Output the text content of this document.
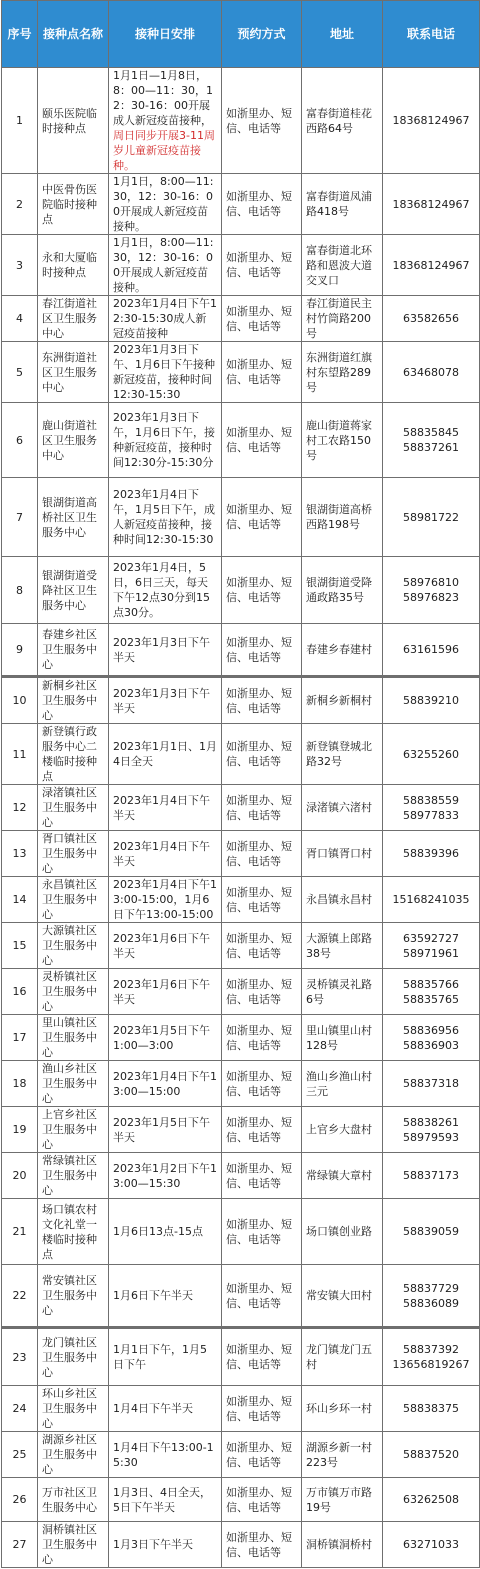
序号	接种点名称	接种日安排	预约方式	地址	联系电话
1	颐乐医院临时接种点	1月1日—1月8日，8：00—11：30，12：30-16：00开展成人新冠疫苗接种，周日同步开展3-11周岁儿童新冠疫苗接种。	如浙里办、短信、电话等	富春街道桂花西路64号	18368124967

2	中医骨伤医院临时接种点	1月1日，8:00—11:30，12：30-16：00开展成人新冠疫苗接种。	如浙里办、短信、电话等	富春街道凤浦路418号	18368124967

3	永和大厦临时接种点	1月1日，8:00—11:30，12：30-16：00开展成人新冠疫苗接种。	如浙里办、短信、电话等	富春街道北环路和恩波大道交叉口	18368124967

4	春江街道社区卫生服务中心	2023年1月4日下午12:30-15:30成人新冠疫苗接种	如浙里办、短信、电话等	春江街道民主村竹筒路200号	63582656

5	东洲街道社区卫生服务中心	2023年1月3日下午、1月6日下午接种新冠疫苗，接种时间12:30-15:30	如浙里办、短信、电话等	东洲街道红旗村东望路289号	63468078

6	鹿山街道社区卫生服务中心	2023年1月3日下午，1月6日下午，接种新冠疫苗，接种时间12:30分-15:30分	如浙里办、短信、电话等	鹿山街道蒋家村工农路150号	58835845
58837261

7	银湖街道高桥社区卫生服务中心	2023年1月4日下午，1月5日下午，成人新冠疫苗接种，接种时间12:30-15:30	如浙里办、短信、电话等	银湖街道高桥西路198号	58981722

8	银湖街道受降社区卫生服务中心	2023年1月4日，5日，6日三天，每天下午12点30分到15点30分。	如浙里办、短信、电话等	银湖街道受降通政路35号	58976810
58976823

9	春建乡社区卫生服务中心	2023年1月3日下午半天	如浙里办、短信、电话等	春建乡春建村	63161596

10	新桐乡社区卫生服务中心	2023年1月3日下午半天	如浙里办、短信、电话等	新桐乡新桐村	58839210

11	新登镇行政服务中心二楼临时接种点	2023年1月1日、1月4日全天	如浙里办、短信、电话等	新登镇登城北路32号	63255260

12	渌渚镇社区卫生服务中心	2023年1月4日下午半天	如浙里办、短信、电话等	渌渚镇六渚村	58838559
58977833

13	胥口镇社区卫生服务中心	2023年1月4日下午半天	如浙里办、短信、电话等	胥口镇胥口村	58839396

14	永昌镇社区卫生服务中心	2023年1月4日下午13:00-15:00，1月6日下午13:00-15:00	如浙里办、短信、电话等	永昌镇永昌村	15168241035

15	大源镇社区卫生服务中心	2023年1月6日下午半天	如浙里办、短信、电话等	大源镇上郎路38号	63592727
58971961

16	灵桥镇社区卫生服务中心	2023年1月6日下午半天	如浙里办、短信、电话等	灵桥镇灵礼路6号	58835766
58835765

17	里山镇社区卫生服务中心	2023年1月5日下午1:00—3:00	如浙里办、短信、电话等	里山镇里山村128号	58836956
58836903

18	渔山乡社区卫生服务中心	2023年1月4日下午13:00—15:00	如浙里办、短信、电话等	渔山乡渔山村三元	58837318

19	上官乡社区卫生服务中心	2023年1月5日下午半天	如浙里办、短信、电话等	上官乡大盘村	58838261
58979593

20	常绿镇社区卫生服务中心	2023年1月2日下午13:00—15:30	如浙里办、短信、电话等	常绿镇大章村	58837173

21	场口镇农村文化礼堂一楼临时接种点	1月6日13点-15点	如浙里办、短信、电话等	场口镇创业路	58839059

22	常安镇社区卫生服务中心	1月6日下午半天	如浙里办、短信、电话等	常安镇大田村	58837729
58836089

23	龙门镇社区卫生服务中心	1月1日下午，1月5日下午	如浙里办、短信、电话等	龙门镇龙门五村	58837392
13656819267

24	环山乡社区卫生服务中心	1月4日下午半天	如浙里办、短信、电话等	环山乡环一村	58838375

25	湖源乡社区卫生服务中心	1月4日下午13:00-15:30	如浙里办、短信、电话等	湖源乡新一村223号	58837520

26	万市社区卫生服务中心	1月3日、4日全天，5日下午半天	如浙里办、短信、电话等	万市镇万市路19号	63262508

27	洞桥镇社区卫生服务中心	1月3日下午半天	如浙里办、短信、电话等	洞桥镇洞桥村	63271033
